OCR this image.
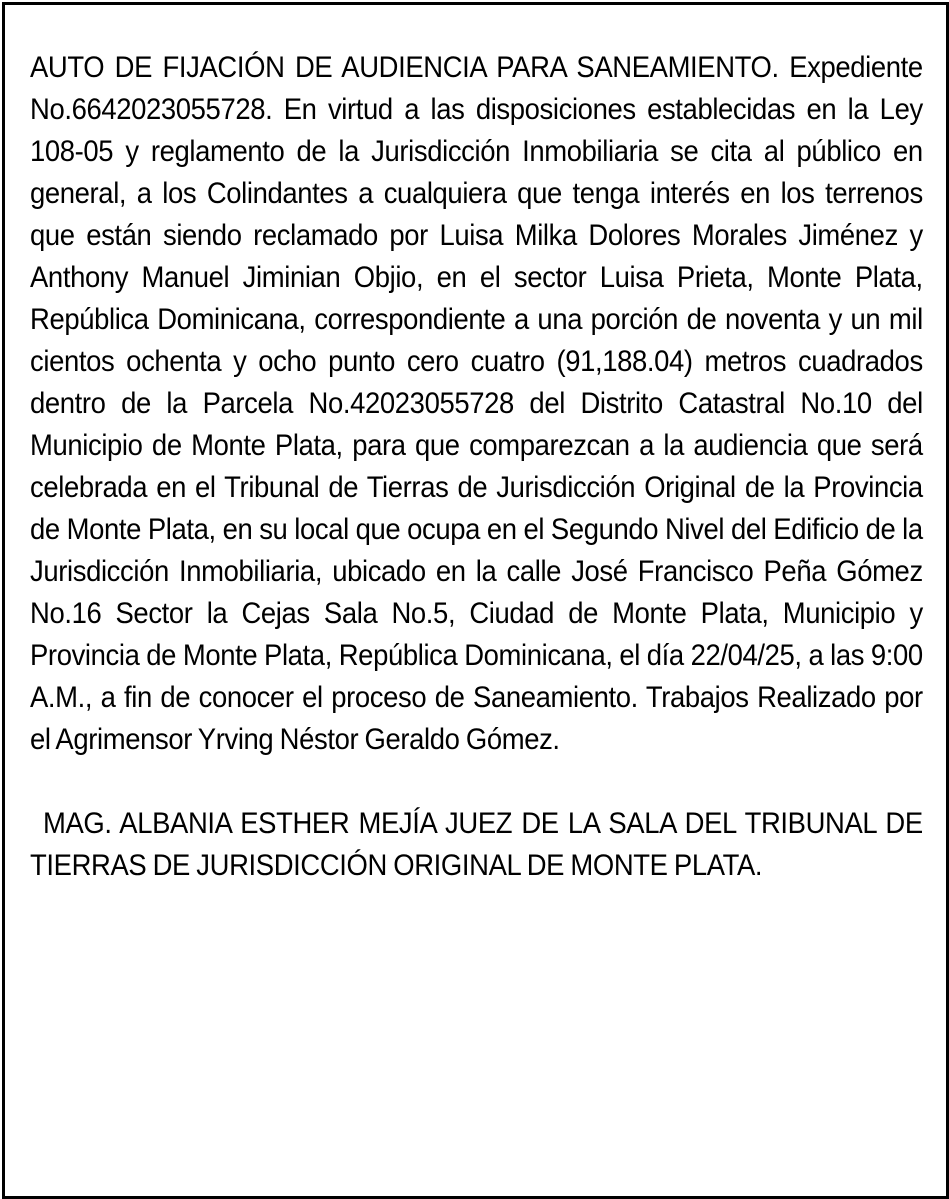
AUTO DE FIJACIÓN DE AUDIENCIA PARA SANEAMIENTO. Expediente No.6642023055728. En virtud a las disposiciones establecidas en la Ley 108-05 y reglamento de la Jurisdicción Inmobiliaria se cita al público en general, a los Colindantes a cualquiera que tenga interés en los terrenos que están siendo reclamado por Luisa Milka Dolores Morales Jiménez y Anthony Manuel Jiminian Objio, en el sector Luisa Prieta, Monte Plata, República Dominicana, correspondiente a una porción de noventa y un mil cientos ochenta y ocho punto cero cuatro (91,188.04) metros cuadrados dentro de la Parcela No.42023055728 del Distrito Catastral No.10 del Municipio de Monte Plata, para que comparezcan a la audiencia que será celebrada en el Tribunal de Tierras de Jurisdicción Original de la Provincia de Monte Plata, en su local que ocupa en el Segundo Nivel del Edificio de la Jurisdicción Inmobiliaria, ubicado en la calle José Francisco Peña Gómez No.16 Sector la Cejas Sala No.5, Ciudad de Monte Plata, Municipio y Provincia de Monte Plata, República Dominicana, el día 22/04/25, a las 9:00 A.M., a fin de conocer el proceso de Saneamiento. Trabajos Realizado por el Agrimensor Yrving Néstor Geraldo Gómez.

MAG. ALBANIA ESTHER MEJÍA JUEZ DE LA SALA DEL TRIBUNAL DE TIERRAS DE JURISDICCIÓN ORIGINAL DE MONTE PLATA.
